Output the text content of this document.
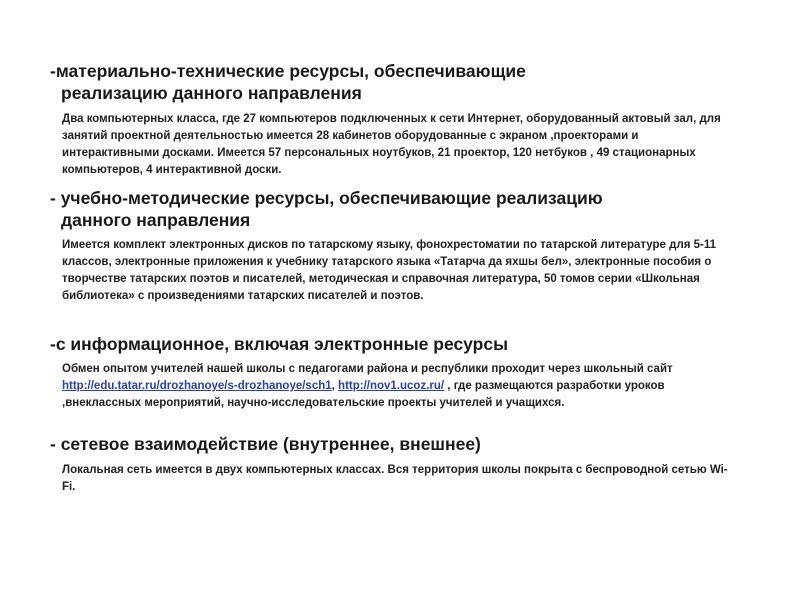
-материально-технические ресурсы, обеспечивающие
реализацию данного направления

Два компьютерных класса, где 27 компьютеров подключенных к сети Интернет, оборудованный актовый зал, для занятий проектной деятельностью имеется 28 кабинетов оборудованные с экраном ,проекторами и интерактивными досками. Имеется 57 персональных ноутбуков, 21 проектор, 120 нетбуков , 49 стационарных компьютеров, 4 интерактивной доски.

- учебно-методические ресурсы, обеспечивающие реализацию
данного направления

Имеется комплект электронных дисков по татарскому языку, фонохрестоматии по татарской литературе для 5-11 классов, электронные приложения к учебнику татарского языка «Татарча да яхшы бел», электронные пособия о творчестве татарских поэтов и писателей, методическая и справочная литература, 50 томов серии «Школьная библиотека» с произведениями татарских писателей и поэтов.

-с информационное, включая электронные ресурсы

Обмен опытом учителей нашей школы с педагогами района и республики проходит через школьный сайт http://edu.tatar.ru/drozhanoye/s-drozhanoye/sch1, http://nov1.ucoz.ru/ , где размещаются разработки уроков ,внеклассных мероприятий, научно-исследовательские проекты учителей и учащихся.

- сетевое взаимодействие (внутреннее, внешнее)

Локальная сеть имеется в двух компьютерных классах. Вся территория школы покрыта с беспроводной сетью Wi-Fi.
